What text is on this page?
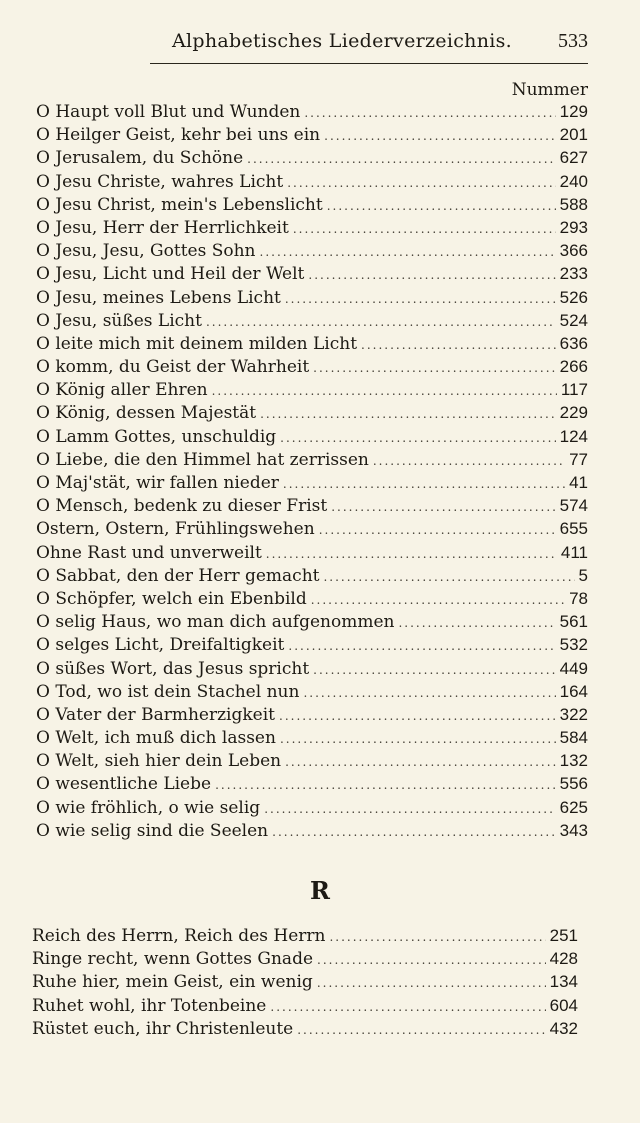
Alphabetisches Liederverzeichnis. 533
Nummer
O Haupt voll Blut und Wunden .....	129
O Heilger Geist, kehr bei uns ein .....	201
O Jerusalem, du Schöne .....	627
O Jesu Christe, wahres Licht .....	240
O Jesu Christ, mein's Lebenslicht .....	588
O Jesu, Herr der Herrlichkeit .....	293
O Jesu, Jesu, Gottes Sohn .....	366
O Jesu, Licht und Heil der Welt .....	233
O Jesu, meines Lebens Licht .....	526
O Jesu, süßes Licht .....	524
O leite mich mit deinem milden Licht .....	636
O komm, du Geist der Wahrheit .....	266
O König aller Ehren .....	117
O König, dessen Majestät .....	229
O Lamm Gottes, unschuldig .....	124
O Liebe, die den Himmel hat zerrissen .....	77
O Maj'stät, wir fallen nieder .....	41
O Mensch, bedenk zu dieser Frist .....	574
Ostern, Ostern, Frühlingswehen .....	655
Ohne Rast und unverweilt .....	411
O Sabbat, den der Herr gemacht .....	5
O Schöpfer, welch ein Ebenbild .....	78
O selig Haus, wo man dich aufgenommen .....	561
O selges Licht, Dreifaltigkeit .....	532
O süßes Wort, das Jesus spricht .....	449
O Tod, wo ist dein Stachel nun .....	164
O Vater der Barmherzigkeit .....	322
O Welt, ich muß dich lassen .....	584
O Welt, sieh hier dein Leben .....	132
O wesentliche Liebe .....	556
O wie fröhlich, o wie selig .....	625
O wie selig sind die Seelen .....	343
R
Reich des Herrn, Reich des Herrn .....	251
Ringe recht, wenn Gottes Gnade .....	428
Ruhe hier, mein Geist, ein wenig .....	134
Ruhet wohl, ihr Totenbeine .....	604
Rüstet euch, ihr Christenleute .....	432
